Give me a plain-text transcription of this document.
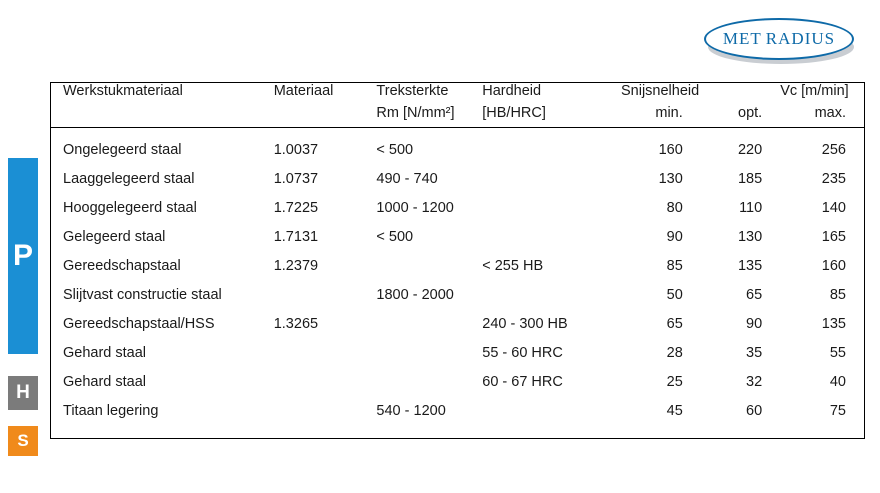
MET RADIUS
P
H
S
Werkstukmateriaal	Materiaal	Treksterkte	Hardheid	Snijsnelheid		Vc [m/min]
		Rm [N/mm²]	[HB/HRC]	min.	opt.	max.
Ongelegeerd staal	1.0037	< 500		160	220	256
Laaggelegeerd staal	1.0737	490 - 740		130	185	235
Hooggelegeerd staal	1.7225	1000 - 1200		80	110	140
Gelegeerd staal	1.7131	< 500		90	130	165
Gereedschapstaal	1.2379		< 255 HB	85	135	160
Slijtvast constructie staal		1800 - 2000		50	65	85
Gereedschapstaal/HSS	1.3265		240 - 300 HB	65	90	135
Gehard staal			55 - 60 HRC	28	35	55
Gehard staal			60 - 67 HRC	25	32	40
Titaan legering		540 - 1200		45	60	75
